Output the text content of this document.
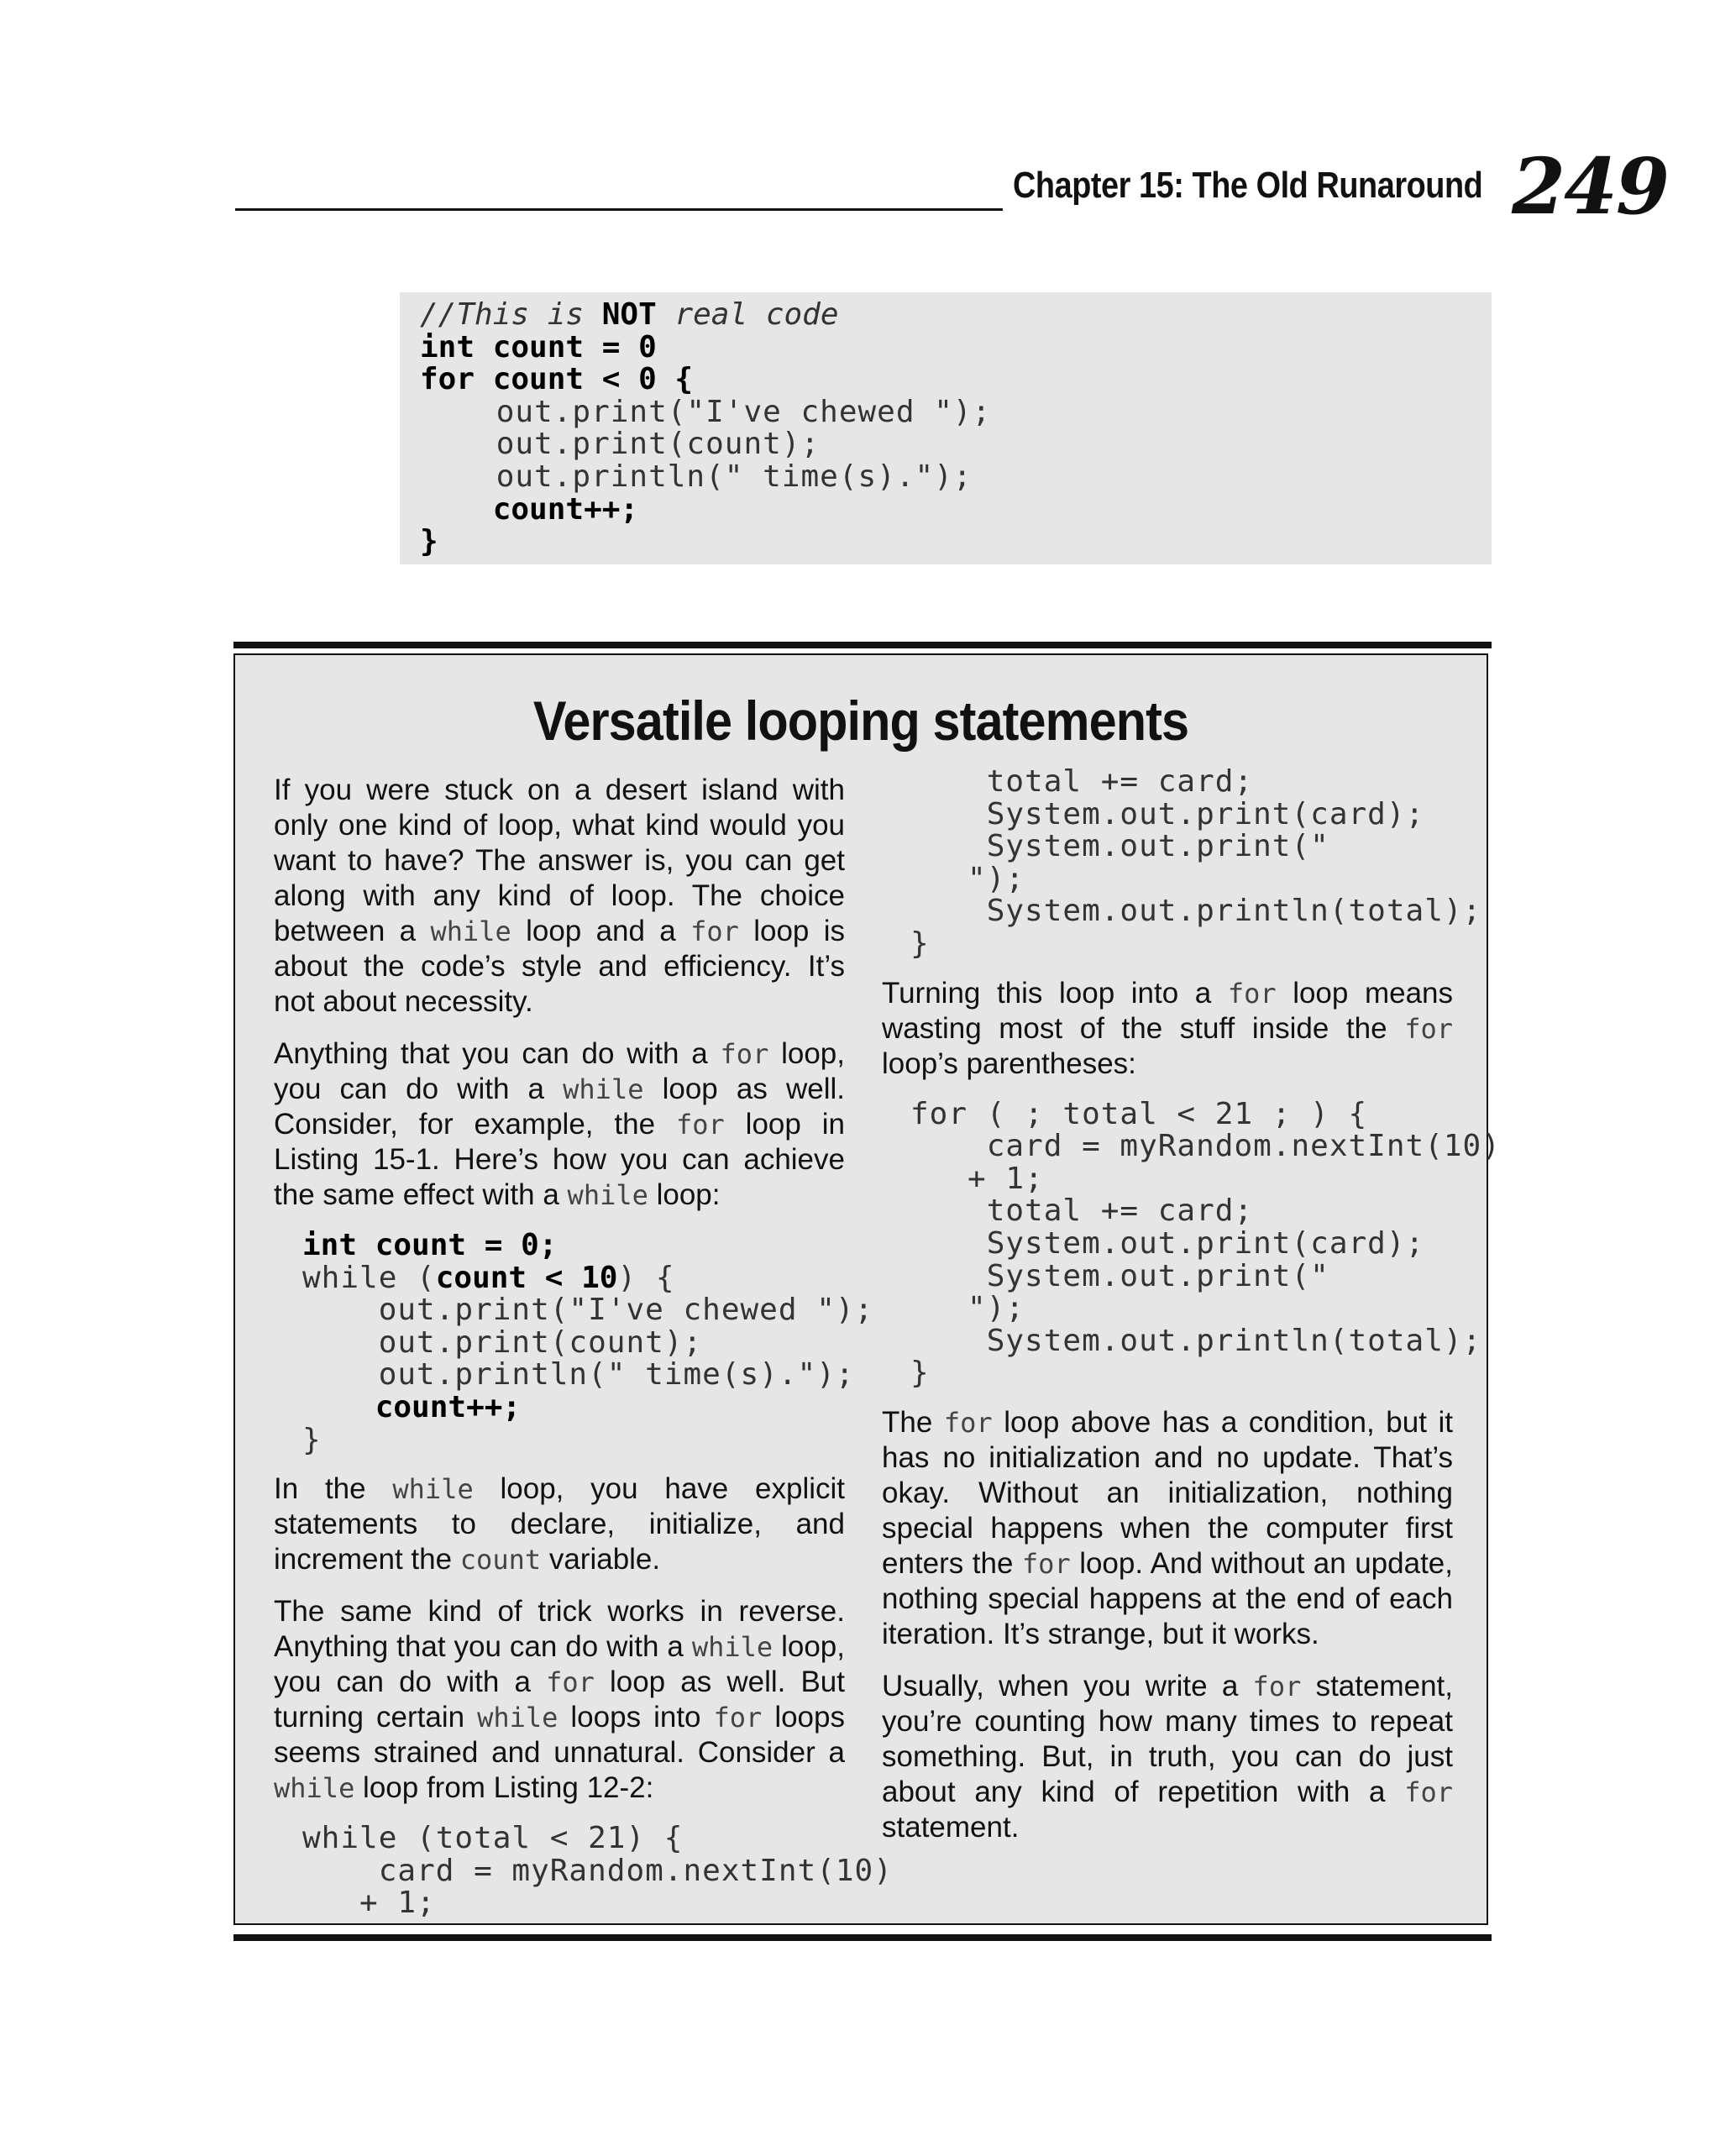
Chapter 15: The Old Runaround 249
//This is NOT real code
int count = 0
for count < 0 {
out.print("I've chewed ");
out.print(count);
out.println(" time(s).");
count++;
}
Versatile looping statements

If you were stuck on a desert island with only one kind of loop, what kind would you want to have? The answer is, you can get along with any kind of loop. The choice between a while loop and a for loop is about the code’s style and efficiency. It’s not about necessity.

Anything that you can do with a for loop, you can do with a while loop as well. Consider, for example, the for loop in Listing 15-1. Here’s how you can achieve the same effect with a while loop:

int count = 0;
while (count < 10) {
out.print("I've chewed ");
out.print(count);
out.println(" time(s).");
count++;
}

In the while loop, you have explicit statements to declare, initialize, and increment the count variable.

The same kind of trick works in reverse. Anything that you can do with a while loop, you can do with a for loop as well. But turning certain while loops into for loops seems strained and unnatural. Consider a while loop from Listing 12-2:

while (total < 21) {
card = myRandom.nextInt(10)
+ 1;
total += card;
System.out.print(card);
System.out.print("
");
System.out.println(total);
}

Turning this loop into a for loop means wasting most of the stuff inside the for loop’s parentheses:

for ( ; total < 21 ; ) {
card = myRandom.nextInt(10)
+ 1;
total += card;
System.out.print(card);
System.out.print("
");
System.out.println(total);
}

The for loop above has a condition, but it has no initialization and no update. That’s okay. Without an initialization, nothing special happens when the computer first enters the for loop. And without an update, nothing special happens at the end of each iteration. It’s strange, but it works.

Usually, when you write a for statement, you’re counting how many times to repeat something. But, in truth, you can do just about any kind of repetition with a for statement.
